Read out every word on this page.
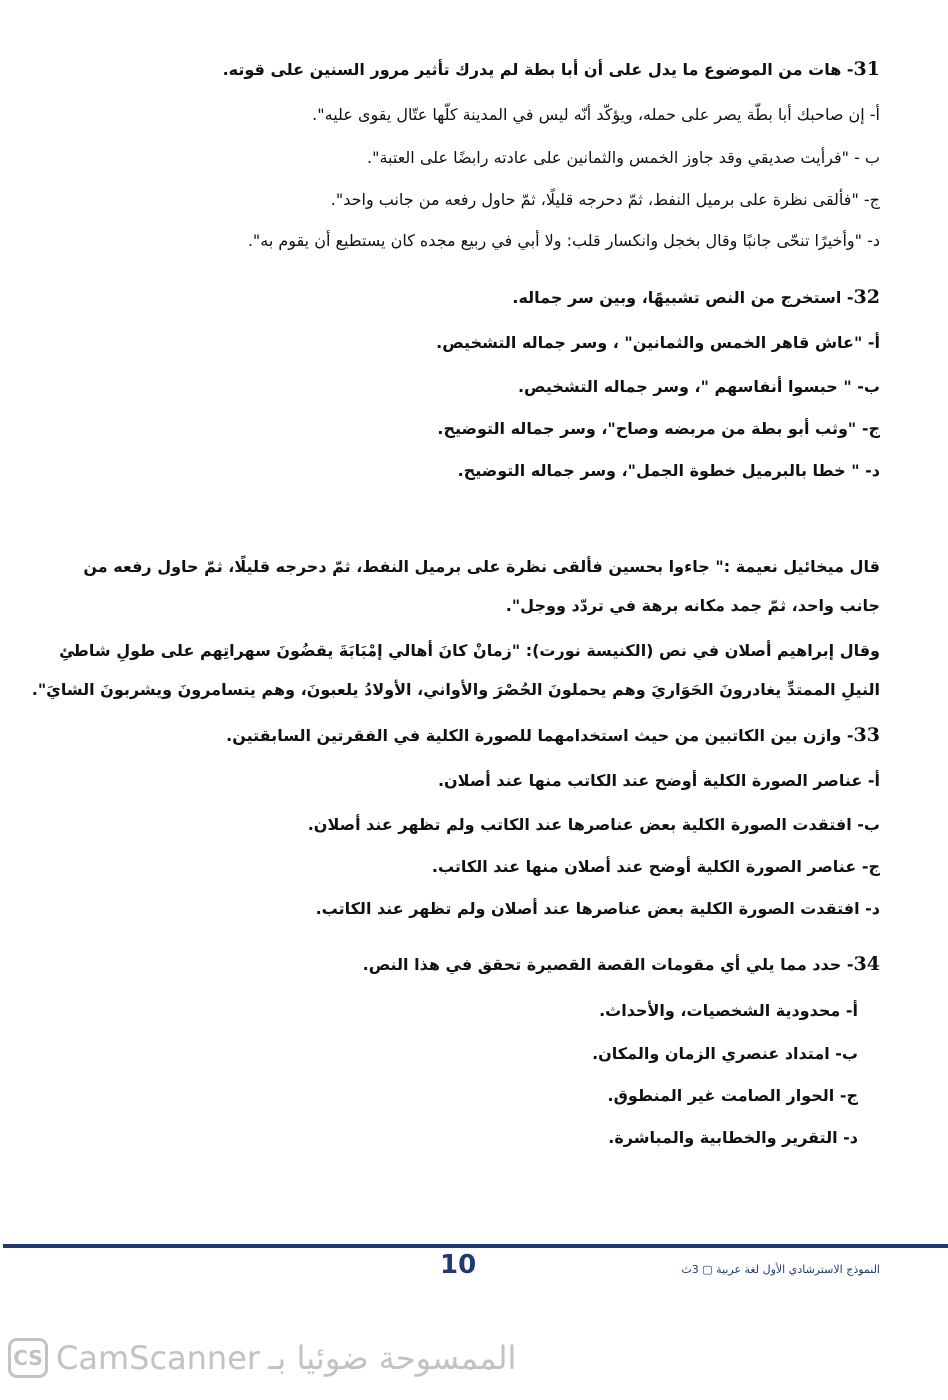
31- هات من الموضوع ما يدل على أن أبا بطة لم يدرك تأثير مرور السنين على قوته.
أ- إن صاحبك أبا بطّة يصر على حمله، ويؤكّد أنّه ليس في المدينة كلّها عتّال يقوى عليه".
ب - "فرأيت صديقي وقد جاوز الخمس والثمانين على عادته رابضًا على العتبة".
ج- "فألقى نظرة على برميل النفط، ثمّ دحرجه قليلًا، ثمّ حاول رفعه من جانب واحد".
د- "وأخيرًا تنحّى جانبًا وقال بخجل وانكسار قلب: ولا أبي في ربيع مجده كان يستطيع أن يقوم به".
32- استخرج من النص تشبيهًا، وبين سر جماله.
أ- "عاش قاهر الخمس والثمانين" ، وسر جماله التشخيص.
ب- " حبسوا أنفاسهم "، وسر جماله التشخيص.
ج- "وثب أبو بطة من مربضه وصاح"، وسر جماله التوضيح.
د- " خطا بالبرميل خطوة الجمل"، وسر جماله التوضيح.
قال ميخائيل نعيمة :" جاءوا بحسين فألقى نظرة على برميل النفط، ثمّ دحرجه قليلًا، ثمّ حاول رفعه من
جانب واحد، ثمّ جمد مكانه برهة في تردّد ووجل".
وقال إبراهيم أصلان في نص (الكنيسة نورت): "زمانْ كانَ أهالي إمْبَابَةَ يقضُونَ سهراتِهم على طولِ شاطئِ
النيلِ الممتدِّ يغادرونَ الحَوَاريَ وهم يحملونَ الحُصْرَ والأواني، الأولادُ يلعبونَ، وهم يتسامرونَ ويشربونَ الشايَ".
33- وازن بين الكاتبين من حيث استخدامهما للصورة الكلية في الفقرتين السابقتين.
أ- عناصر الصورة الكلية أوضح عند الكاتب منها عند أصلان.
ب- افتقدت الصورة الكلية بعض عناصرها عند الكاتب ولم تظهر عند أصلان.
ج- عناصر الصورة الكلية أوضح عند أصلان منها عند الكاتب.
د- افتقدت الصورة الكلية بعض عناصرها عند أصلان ولم تظهر عند الكاتب.
34- حدد مما يلي أي مقومات القصة القصيرة تحقق في هذا النص.
أ- محدودية الشخصيات، والأحداث.
ب- امتداد عنصري الزمان والمكان.
ج- الحوار الصامت غير المنطوق.
د- التقرير والخطابية والمباشرة.
10	النموذج الاسترشادي الأول لغة عربية ▢ 3ث
CS CamScanner الممسوحة ضوئيا بـ
